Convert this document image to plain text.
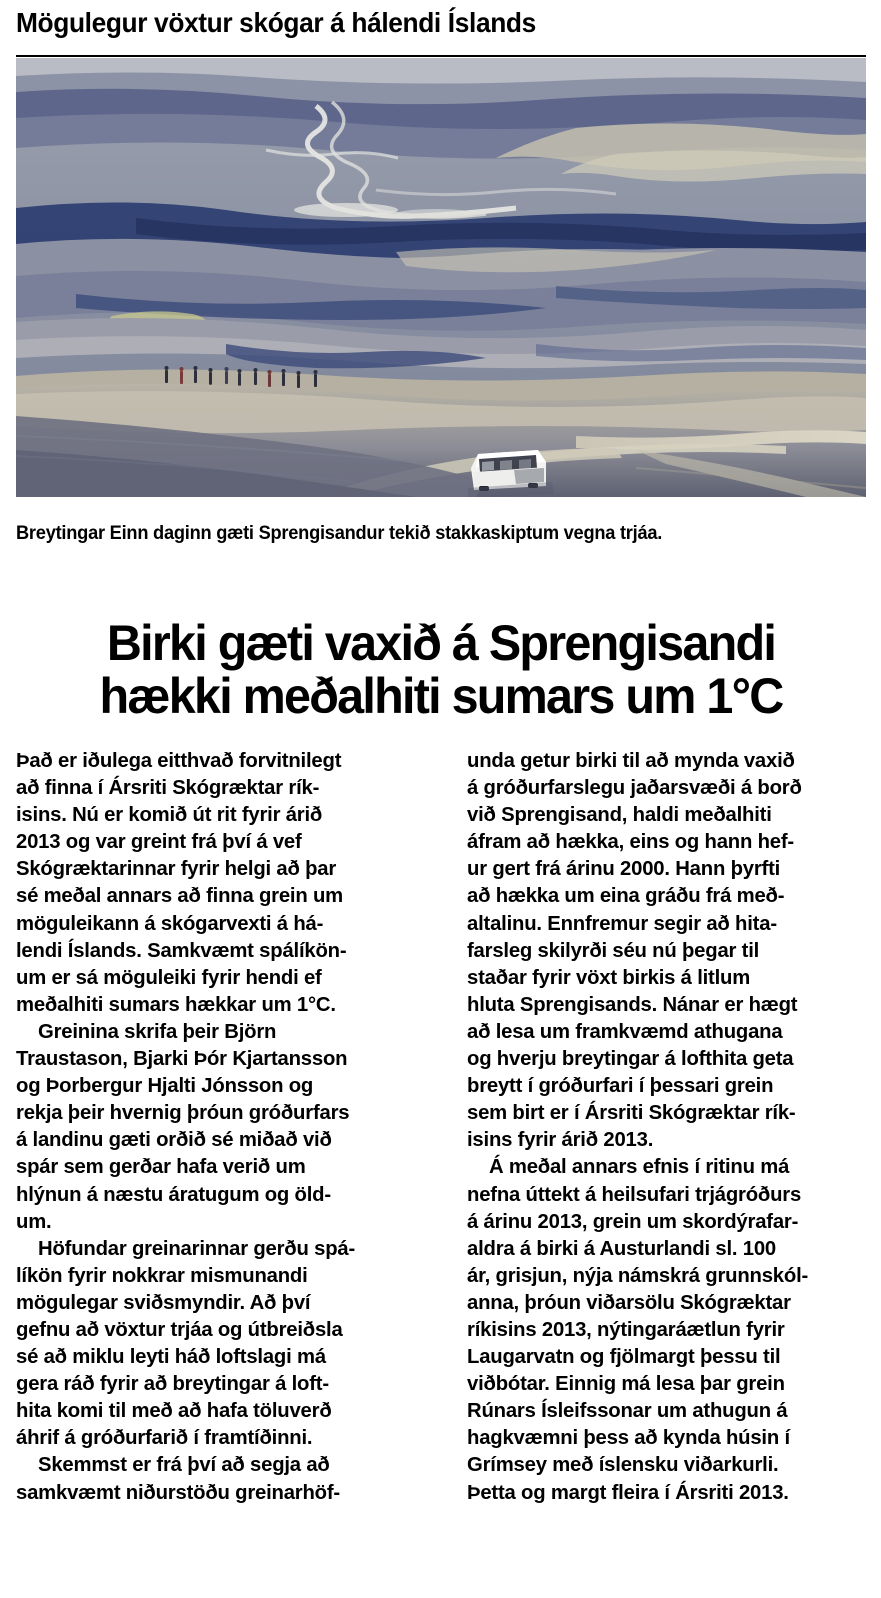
Mögulegur vöxtur skógar á hálendi Íslands
Breytingar Einn daginn gæti Sprengisandur tekið stakkaskiptum vegna trjáa.
Birki gæti vaxið á Sprengisandi
hækki meðalhiti sumars um 1°C

Það er iðulega eitthvað forvitnilegt
að finna í Ársriti Skógræktar rík-
isins. Nú er komið út rit fyrir árið
2013 og var greint frá því á vef
Skógræktarinnar fyrir helgi að þar
sé meðal annars að finna grein um
möguleikann á skógarvexti á há-
lendi Íslands. Samkvæmt spálíkön-
um er sá möguleiki fyrir hendi ef
meðalhiti sumars hækkar um 1°C.

Greinina skrifa þeir Björn
Traustason, Bjarki Þór Kjartansson
og Þorbergur Hjalti Jónsson og
rekja þeir hvernig þróun gróðurfars
á landinu gæti orðið sé miðað við
spár sem gerðar hafa verið um
hlýnun á næstu áratugum og öld-
um.

Höfundar greinarinnar gerðu spá-
líkön fyrir nokkrar mismunandi
mögulegar sviðsmyndir. Að því
gefnu að vöxtur trjáa og útbreiðsla
sé að miklu leyti háð loftslagi má
gera ráð fyrir að breytingar á loft-
hita komi til með að hafa töluverð
áhrif á gróðurfarið í framtíðinni.

Skemmst er frá því að segja að
samkvæmt niðurstöðu greinarhöf-

unda getur birki til að mynda vaxið
á gróðurfarslegu jaðarsvæði á borð
við Sprengisand, haldi meðalhiti
áfram að hækka, eins og hann hef-
ur gert frá árinu 2000. Hann þyrfti
að hækka um eina gráðu frá með-
altalinu. Ennfremur segir að hita-
farsleg skilyrði séu nú þegar til
staðar fyrir vöxt birkis á litlum
hluta Sprengisands. Nánar er hægt
að lesa um framkvæmd athugana
og hverju breytingar á lofthita geta
breytt í gróðurfari í þessari grein
sem birt er í Ársriti Skógræktar rík-
isins fyrir árið 2013.

Á meðal annars efnis í ritinu má
nefna úttekt á heilsufari trjágróðurs
á árinu 2013, grein um skordýrafar-
aldra á birki á Austurlandi sl. 100
ár, grisjun, nýja námskrá grunnskól-
anna, þróun viðarsölu Skógræktar
ríkisins 2013, nýtingaráætlun fyrir
Laugarvatn og fjölmargt þessu til
viðbótar. Einnig má lesa þar grein
Rúnars Ísleifssonar um athugun á
hagkvæmni þess að kynda húsin í
Grímsey með íslensku viðarkurli.
Þetta og margt fleira í Ársriti 2013.
